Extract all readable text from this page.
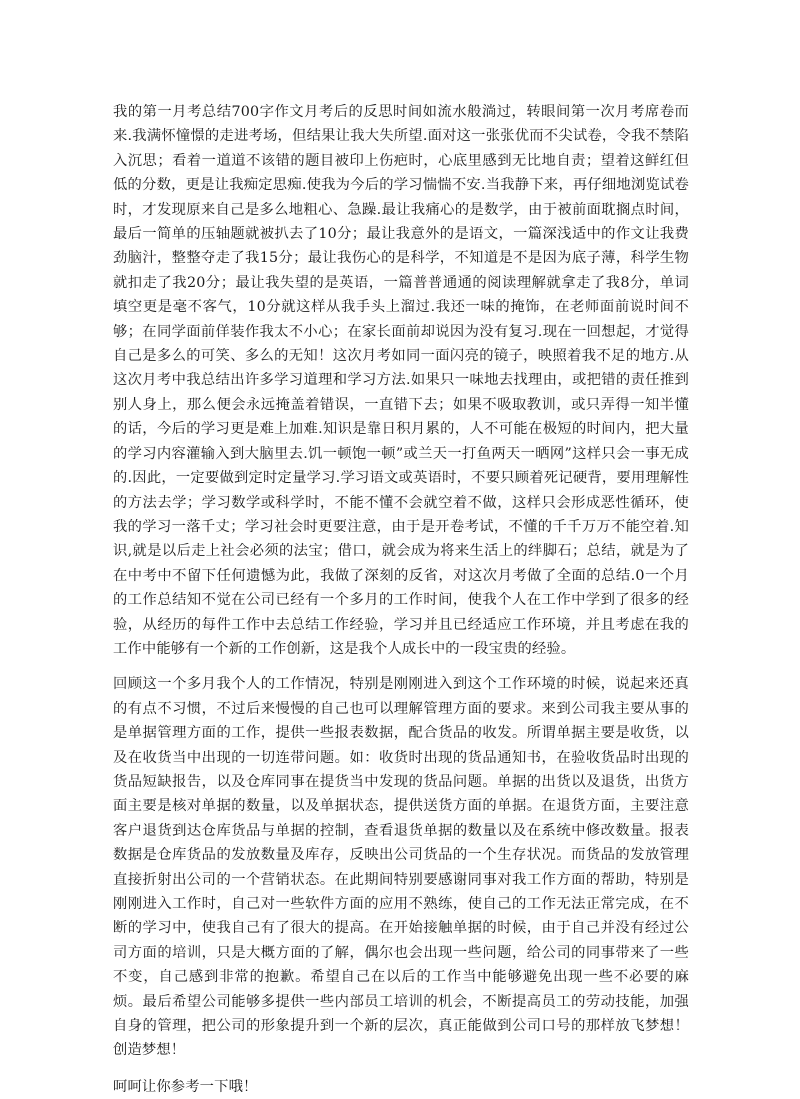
我的第一月考总结700字作文月考后的反思时间如流水般淌过，转眼间第一次月考席卷而来.我满怀憧憬的走进考场，但结果让我大失所望.面对这一张张优而不尖试卷，令我不禁陷入沉思；看着一道道不该错的题目被印上伤疤时，心底里感到无比地自责；望着这鲜红但低的分数，更是让我痴定思痴.使我为今后的学习惴惴不安.当我静下来，再仔细地浏览试卷时，才发现原来自己是多么地粗心、急躁.最让我痛心的是数学，由于被前面耽搁点时间，最后一简单的压轴题就被扒去了10分；最让我意外的是语文，一篇深浅适中的作文让我费劲脑汁，整整夺走了我15分；最让我伤心的是科学，不知道是不是因为底子薄，科学生物就扣走了我20分；最让我失望的是英语，一篇普普通通的阅读理解就拿走了我8分，单词填空更是毫不客气，10分就这样从我手头上溜过.我还一味的掩饰，在老师面前说时间不够；在同学面前佯装作我太不小心；在家长面前却说因为没有复习.现在一回想起，才觉得自己是多么的可笑、多么的无知！这次月考如同一面闪亮的镜子，映照着我不足的地方.从这次月考中我总结出许多学习道理和学习方法.如果只一味地去找理由，或把错的责任推到别人身上，那么便会永远掩盖着错误，一直错下去；如果不吸取教训，或只弄得一知半懂的话，今后的学习更是难上加难.知识是靠日积月累的，人不可能在极短的时间内，把大量的学习内容灌输入到大脑里去.饥一顿饱一顿”或兰天一打鱼两天一晒网”这样只会一事无成的.因此，一定要做到定时定量学习.学习语文或英语时，不要只顾着死记硬背，要用理解性的方法去学；学习数学或科学时，不能不懂不会就空着不做，这样只会形成恶性循环，使我的学习一落千丈；学习社会时更要注意，由于是开卷考试，不懂的千千万万不能空着.知识,就是以后走上社会必须的法宝；借口，就会成为将来生活上的绊脚石；总结，就是为了在中考中不留下任何遗憾为此，我做了深刻的反省，对这次月考做了全面的总结.0一个月的工作总结知不觉在公司已经有一个多月的工作时间，使我个人在工作中学到了很多的经验，从经历的每件工作中去总结工作经验，学习并且已经适应工作环境，并且考虑在我的工作中能够有一个新的工作创新，这是我个人成长中的一段宝贵的经验。

回顾这一个多月我个人的工作情况，特别是刚刚进入到这个工作环境的时候，说起来还真的有点不习惯，不过后来慢慢的自己也可以理解管理方面的要求。来到公司我主要从事的是单据管理方面的工作，提供一些报表数据，配合货品的收发。所谓单据主要是收货，以及在收货当中出现的一切连带问题。如：收货时出现的货品通知书，在验收货品时出现的货品短缺报告，以及仓库同事在提货当中发现的货品问题。单据的出货以及退货，出货方面主要是核对单据的数量，以及单据状态，提供送货方面的单据。在退货方面，主要注意客户退货到达仓库货品与单据的控制，查看退货单据的数量以及在系统中修改数量。报表数据是仓库货品的发放数量及库存，反映出公司货品的一个生存状况。而货品的发放管理直接折射出公司的一个营销状态。在此期间特别要感谢同事对我工作方面的帮助，特别是刚刚进入工作时，自己对一些软件方面的应用不熟练，使自己的工作无法正常完成，在不断的学习中，使我自己有了很大的提高。在开始接触单据的时候，由于自己并没有经过公司方面的培训，只是大概方面的了解，偶尔也会出现一些问题，给公司的同事带来了一些不变，自己感到非常的抱歉。希望自己在以后的工作当中能够避免出现一些不必要的麻烦。最后希望公司能够多提供一些内部员工培训的机会，不断提高员工的劳动技能，加强自身的管理，把公司的形象提升到一个新的层次，真正能做到公司口号的那样放飞梦想！创造梦想！

呵呵让你参考一下哦！
